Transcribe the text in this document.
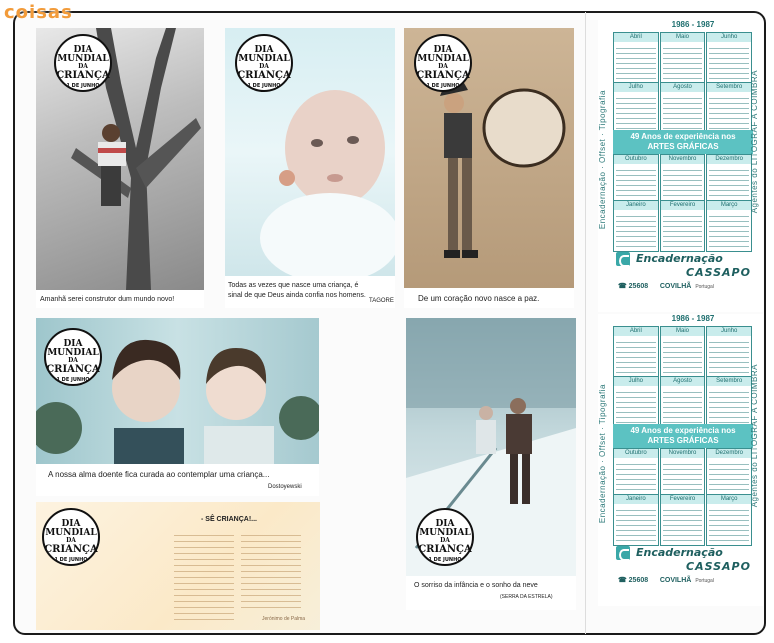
coisas
DIA
MUNDIAL
DA
CRIANÇA
1 DE JUNHO
Amanhã serei construtor dum mundo novo!
DIA
MUNDIAL
DA
CRIANÇA
1 DE JUNHO
Todas as vezes que nasce uma criança, é
sinal de que Deus ainda confia nos homens.
TAGORE
DIA
MUNDIAL
DA
CRIANÇA
1 DE JUNHO
De um coração novo nasce a paz.
1986 - 1987
Abril	Maio	Junho
Julho	Agosto	Setembro
49 Anos de experiência nos
ARTES GRÁFICAS
Outubro	Novembro	Dezembro
Janeiro	Fevereiro	Março
Encadernação · Offset · Tipografia	Agentes do LITOGRAF A COIMBRA
Encadernação
CASSAPO
☎ 25608 COVILHÃ Portugal
1986 - 1987
Abril	Maio	Junho
Julho	Agosto	Setembro
49 Anos de experiência nos
ARTES GRÁFICAS
Outubro	Novembro	Dezembro
Janeiro	Fevereiro	Março
Encadernação · Offset · Tipografia	Agentes do LITOGRAF A COIMBRA
Encadernação
CASSAPO
☎ 25608 COVILHÃ Portugal
DIA
MUNDIAL
DA
CRIANÇA
1 DE JUNHO
A nossa alma doente fica curada ao contemplar uma criança...
Dostoyewski
DIA
MUNDIAL
DA
CRIANÇA
1 DE JUNHO
- SÊ CRIANÇA!...
Jerónimo de Palma
DIA
MUNDIAL
DA
CRIANÇA
1 DE JUNHO
O sorriso da infância e o sonho da neve
(SERRA DA ESTRELA)
